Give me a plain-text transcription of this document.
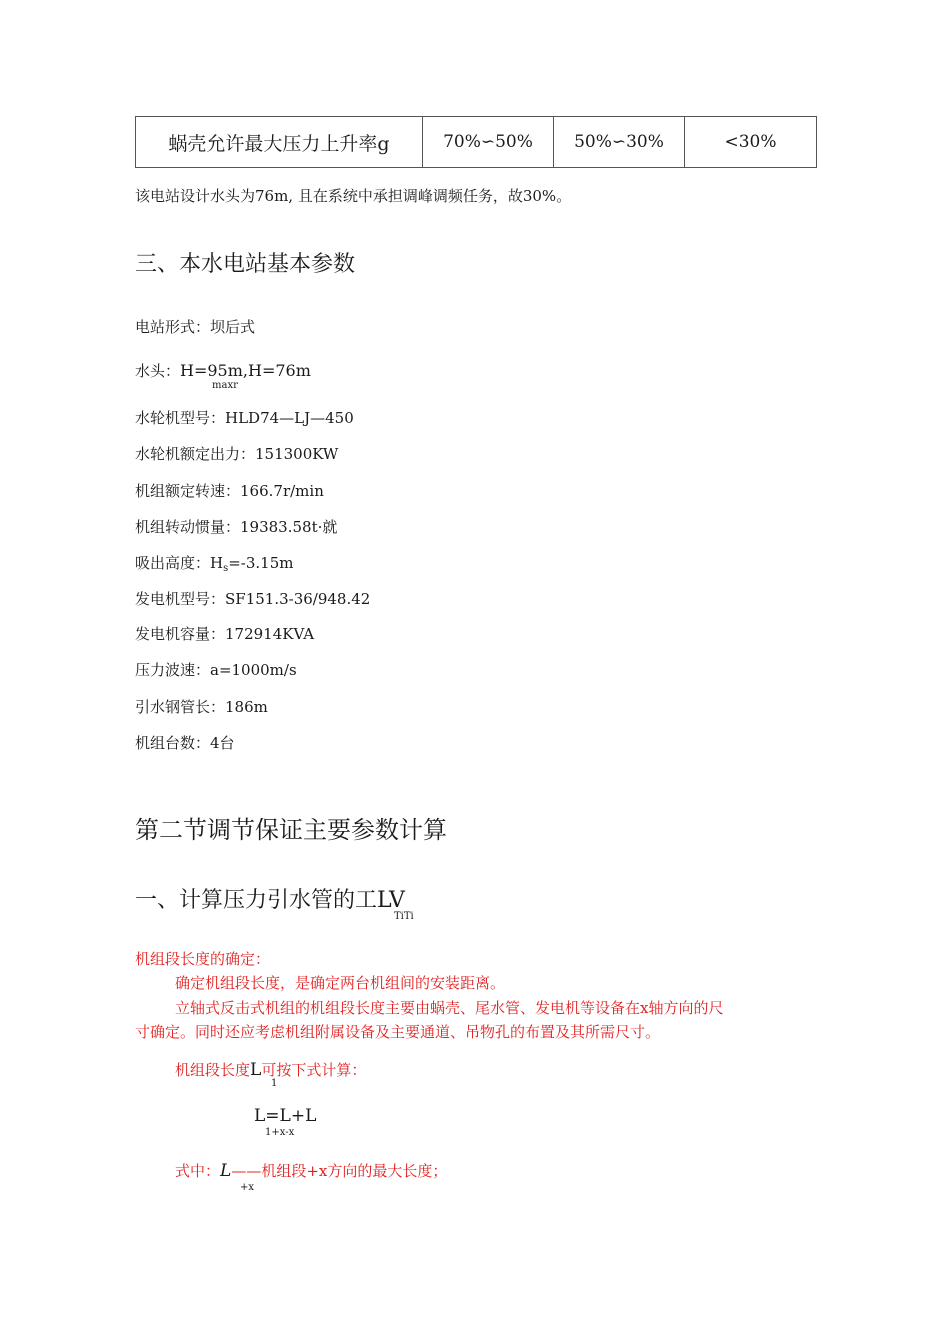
蜗壳允许最大压力上升率g	70%∽50%	50%∽30%	<30%
该电站设计水头为76m, 且在系统中承担调峰调频任务，故30%。
三、本水电站基本参数
电站形式：坝后式
水头：H=95m,H=76m
maxr
水轮机型号：HLD74—LJ—450
水轮机额定出力：151300KW
机组额定转速：166.7r/min
机组转动惯量：19383.58t·就
吸出高度：$H_s=-3.15m$
发电机型号：SF151.3-36/948.42
发电机容量：172914KVA
压力波速：a=1000m/s
引水钢管长：186m
机组台数：4台
第二节调节保证主要参数计算
一、计算压力引水管的工LV
TiTi
机组段长度的确定：
确定机组段长度，是确定两台机组间的安装距离。
立轴式反击式机组的机组段长度主要由蜗壳、尾水管、发电机等设备在x轴方向的尺
寸确定。同时还应考虑机组附属设备及主要通道、吊物孔的布置及其所需尺寸。
机组段长度L可按下式计算：
1
L=L+L
1+x-x
式中：L——机组段+x方向的最大长度；
+x
